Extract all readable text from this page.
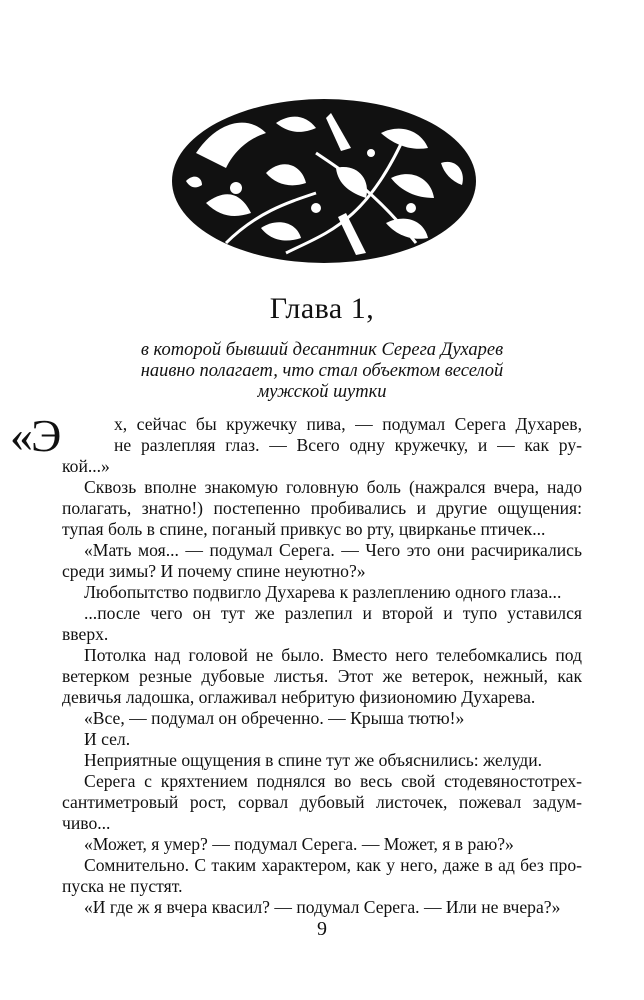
Глава 1,
в которой бывший десантник Серега Духарев
наивно полагает, что стал объектом веселой
мужской шутки
«Э	х, сейчас бы кружечку пива, — подумал Серега Духарев,
не разлепляя глаз. — Всего одну кружечку, и — как ру-
кой...»
Сквозь вполне знакомую головную боль (нажрался вчера, надо
полагать, знатно!) постепенно пробивались и другие ощущения:
тупая боль в спине, поганый привкус во рту, цвирканье птичек...
«Мать моя... — подумал Серега. — Чего это они расчирикались
среди зимы? И почему спине неуютно?»
Любопытство подвигло Духарева к разлеплению одного глаза...
...после чего он тут же разлепил и второй и тупо уставился
вверх.
Потолка над головой не было. Вместо него телебомкались под
ветерком резные дубовые листья. Этот же ветерок, нежный, как
девичья ладошка, оглаживал небритую физиономию Духарева.
«Все, — подумал он обреченно. — Крыша тютю!»
И сел.
Неприятные ощущения в спине тут же объяснились: желуди.
Серега с кряхтением поднялся во весь свой стодевяностотрех-
сантиметровый рост, сорвал дубовый листочек, пожевал задум-
чиво...
«Может, я умер? — подумал Серега. — Может, я в раю?»
Сомнительно. С таким характером, как у него, даже в ад без про-
пуска не пустят.
«И где ж я вчера квасил? — подумал Серега. — Или не вчера?»
9
